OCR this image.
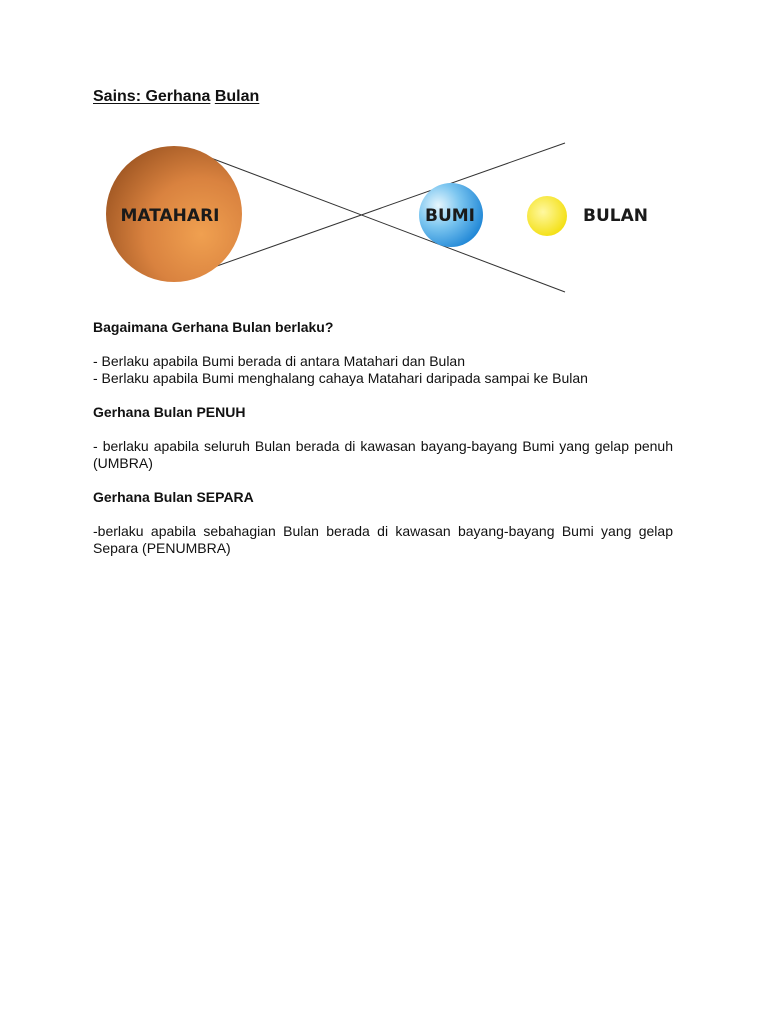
Sains: Gerhana Bulan
MATAHARI	BUMI	BULAN

Bagaimana Gerhana Bulan berlaku?

- Berlaku apabila Bumi berada di antara Matahari dan Bulan

- Berlaku apabila Bumi menghalang cahaya Matahari daripada sampai ke Bulan

Gerhana Bulan PENUH

- berlaku apabila seluruh Bulan berada di kawasan bayang-bayang Bumi yang gelap penuh (UMBRA)

Gerhana Bulan SEPARA

-berlaku apabila sebahagian Bulan berada di kawasan bayang-bayang Bumi yang gelap Separa (PENUMBRA)
